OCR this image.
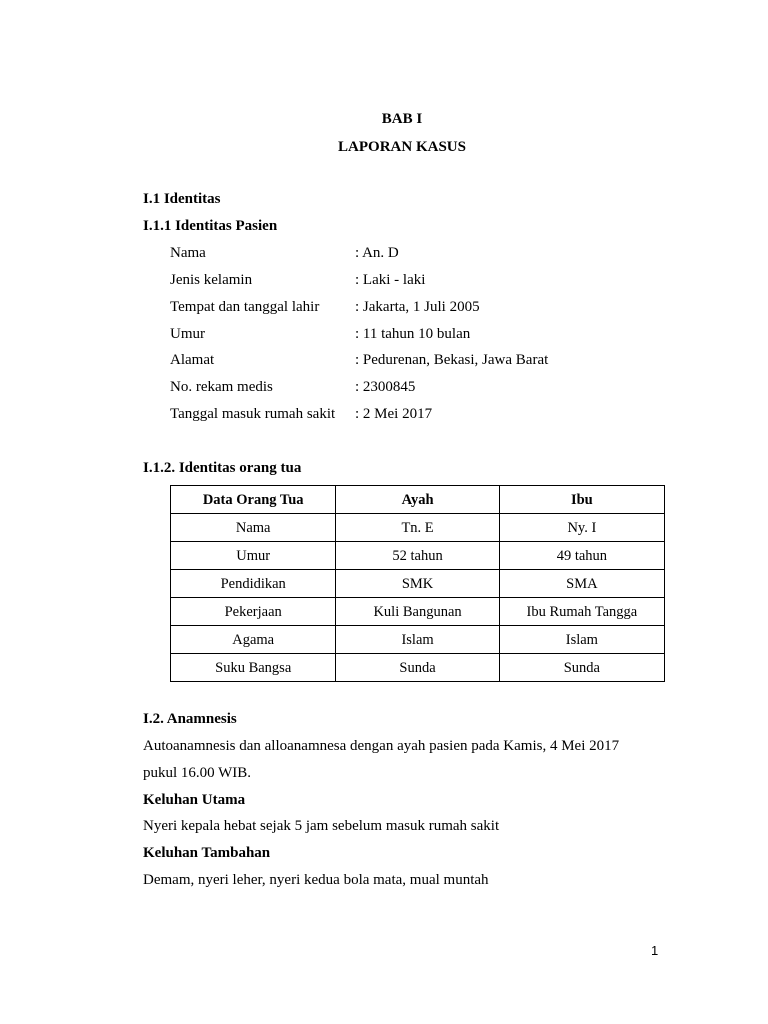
BAB I
LAPORAN KASUS
I.1 Identitas
I.1.1 Identitas Pasien
Nama	: An. D
Jenis kelamin	: Laki - laki
Tempat dan tanggal lahir : Jakarta, 1 Juli 2005
Umur	: 11 tahun 10 bulan
Alamat	: Pedurenan, Bekasi, Jawa Barat
No. rekam medis	: 2300845
Tanggal masuk rumah sakit : 2 Mei 2017
I.1.2. Identitas orang tua
Data Orang Tua	Ayah	Ibu
Nama	Tn. E	Ny. I
Umur	52 tahun	49 tahun
Pendidikan	SMK	SMA
Pekerjaan	Kuli Bangunan	Ibu Rumah Tangga
Agama	Islam	Islam
Suku Bangsa	Sunda	Sunda
I.2. Anamnesis
Autoanamnesis dan alloanamnesa dengan ayah pasien pada Kamis, 4 Mei 2017
pukul 16.00 WIB.
Keluhan Utama
Nyeri kepala hebat sejak 5 jam sebelum masuk rumah sakit
Keluhan Tambahan
Demam, nyeri leher, nyeri kedua bola mata, mual muntah
1
